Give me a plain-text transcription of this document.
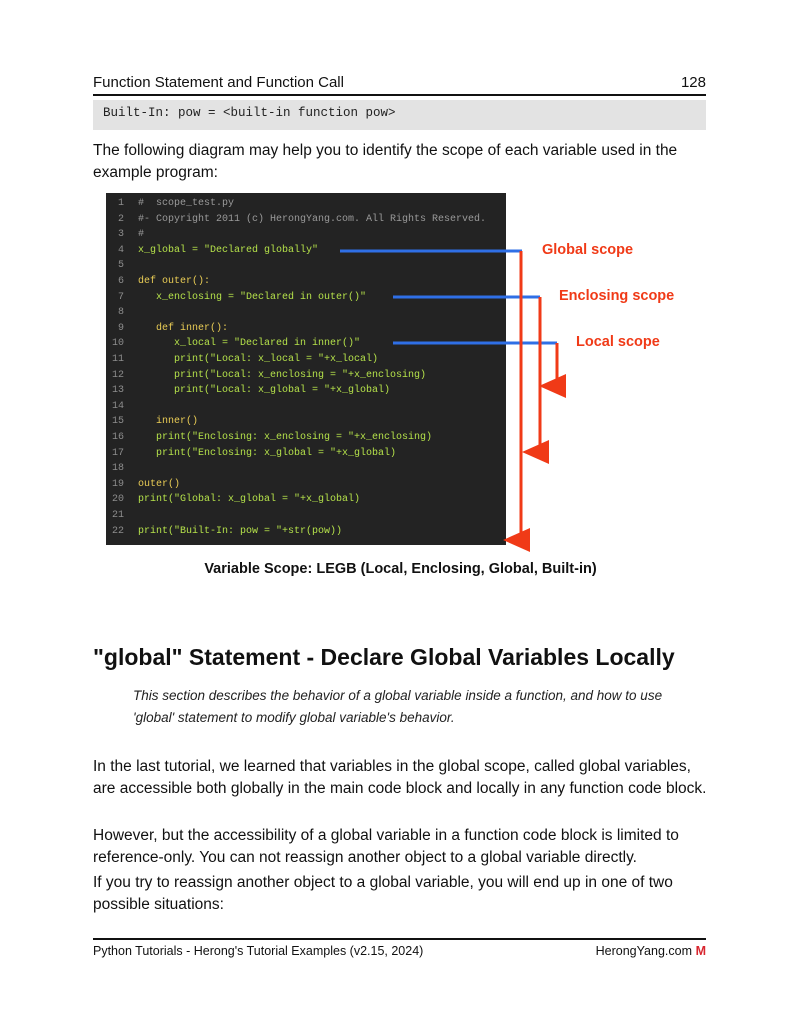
Function Statement and Function Call	128
Built-In: pow = <built-in function pow>
The following diagram may help you to identify the scope of each variable used in the example program:
1 #  scope_test.py
2 #- Copyright 2011 (c) HerongYang.com. All Rights Reserved.
3 #
4 x_global = "Declared globally"
5
6 def outer():
7 x_enclosing = "Declared in outer()"
8
9 def inner():
10 x_local = "Declared in inner()"
11 print("Local: x_local = "+x_local)
12 print("Local: x_enclosing = "+x_enclosing)
13 print("Local: x_global = "+x_global)
14
15 inner()
16 print("Enclosing: x_enclosing = "+x_enclosing)
17 print("Enclosing: x_global = "+x_global)
18
19 outer()
20 print("Global: x_global = "+x_global)
21
22 print("Built-In: pow = "+str(pow))
Global scope
Enclosing scope
Local scope
Variable Scope: LEGB (Local, Enclosing, Global, Built-in)
"global" Statement - Declare Global Variables Locally
This section describes the behavior of a global variable inside a function, and how to use 'global' statement to modify global variable's behavior.
In the last tutorial, we learned that variables in the global scope, called global variables, are accessible both globally in the main code block and locally in any function code block.
However, but the accessibility of a global variable in a function code block is limited to reference-only. You can not reassign another object to a global variable directly.
If you try to reassign another object to a global variable, you will end up in one of two possible situations:
Python Tutorials - Herong's Tutorial Examples (v2.15, 2024)	HerongYang.com M
